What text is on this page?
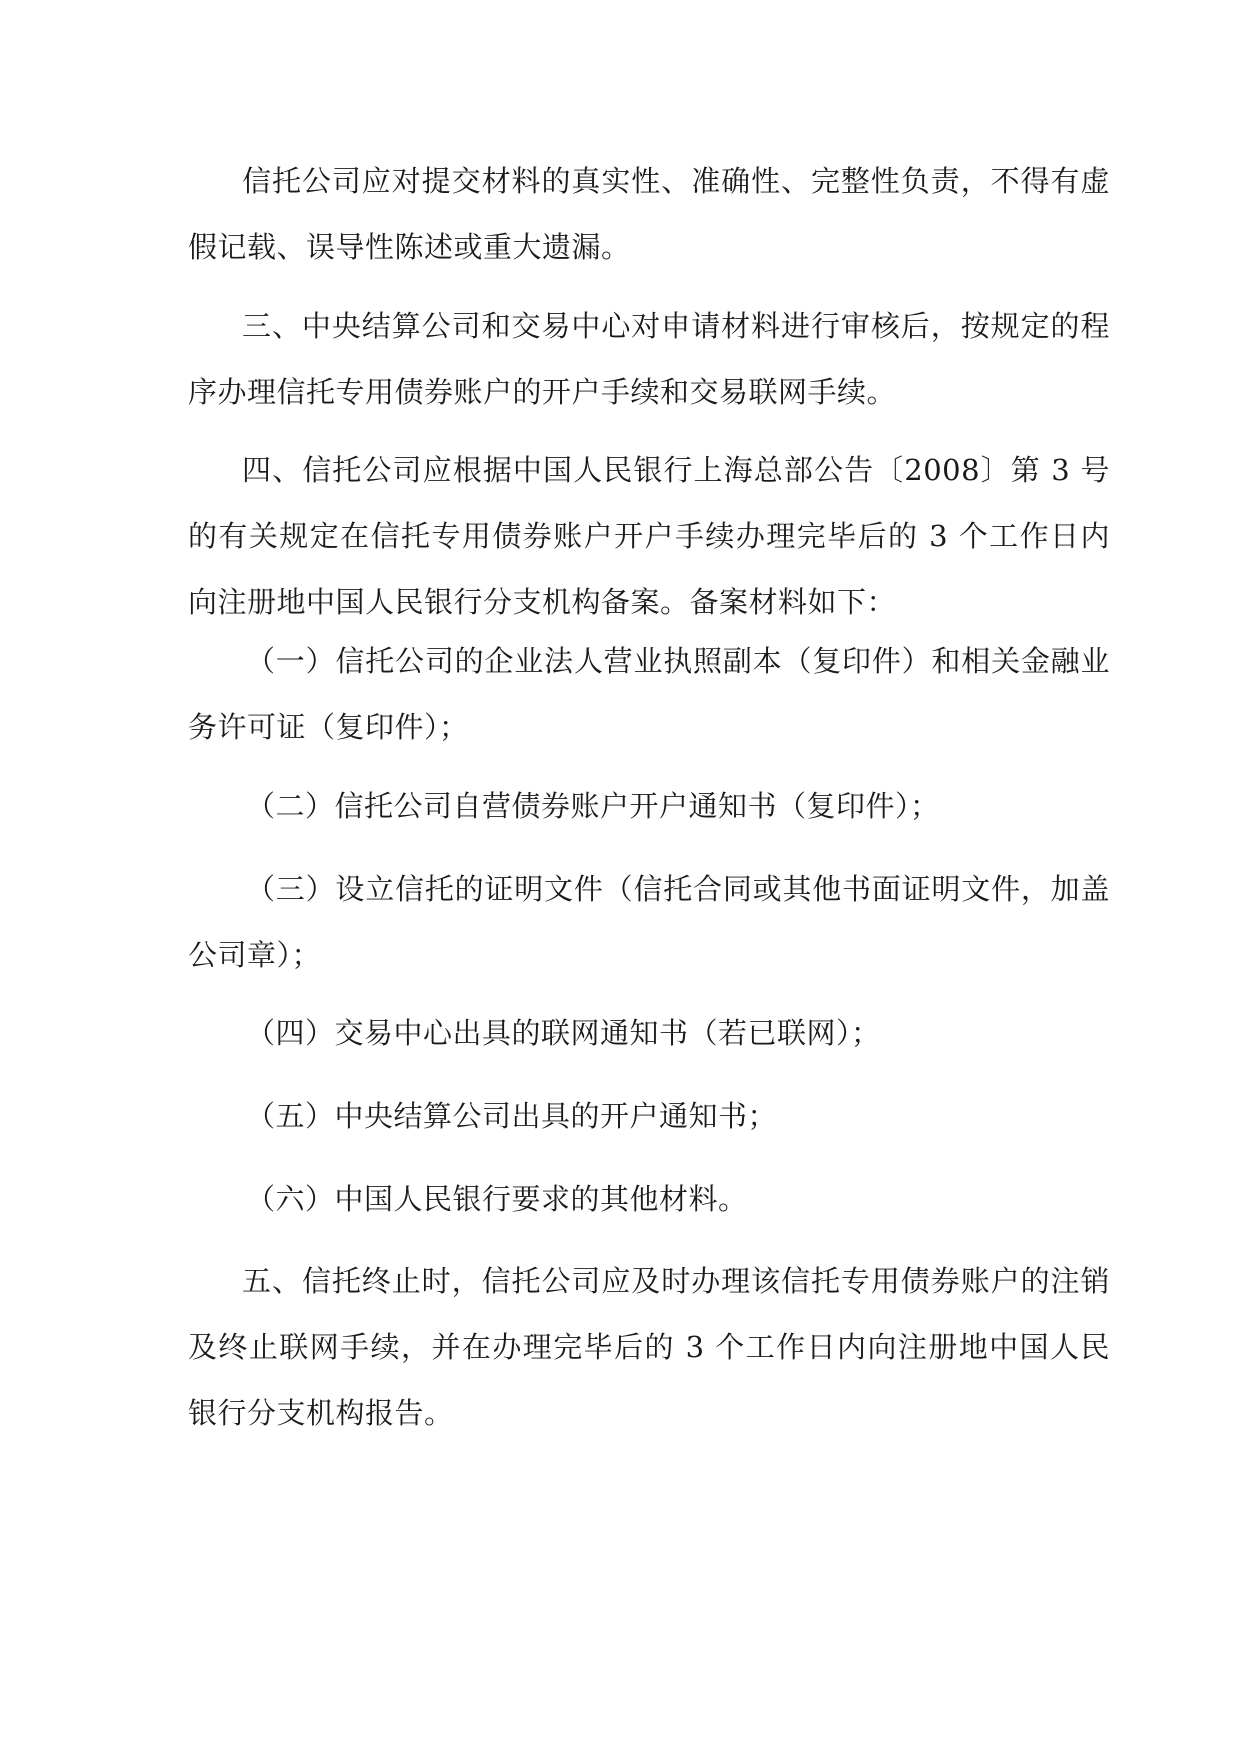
信托公司应对提交材料的真实性、准确性、完整性负责，不得有虚假记载、误导性陈述或重大遗漏。

三、中央结算公司和交易中心对申请材料进行审核后，按规定的程序办理信托专用债券账户的开户手续和交易联网手续。

四、信托公司应根据中国人民银行上海总部公告〔2008〕第 3 号的有关规定在信托专用债券账户开户手续办理完毕后的 3 个工作日内向注册地中国人民银行分支机构备案。备案材料如下：

（一）信托公司的企业法人营业执照副本（复印件）和相关金融业务许可证（复印件）；

（二）信托公司自营债券账户开户通知书（复印件）；

（三）设立信托的证明文件（信托合同或其他书面证明文件，加盖公司章）；

（四）交易中心出具的联网通知书（若已联网）；

（五）中央结算公司出具的开户通知书；

（六）中国人民银行要求的其他材料。

五、信托终止时，信托公司应及时办理该信托专用债券账户的注销及终止联网手续，并在办理完毕后的 3 个工作日内向注册地中国人民银行分支机构报告。
